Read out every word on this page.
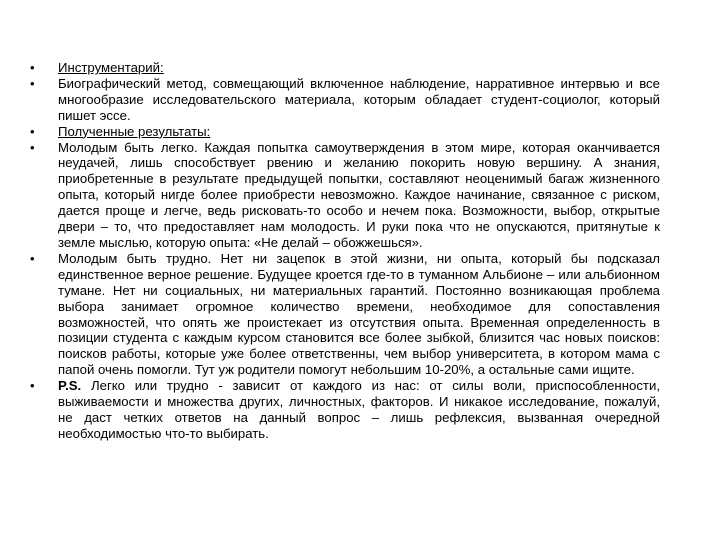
•	Инструментарий:
•	Биографический метод, совмещающий включенное наблюдение, нарративное интервью и все многообразие исследовательского материала, которым обладает студент-социолог, который пишет эссе.
•	Полученные результаты:
•	Молодым быть легко. Каждая попытка самоутверждения в этом мире, которая оканчивается неудачей, лишь способствует рвению и желанию покорить новую вершину. А знания, приобретенные в результате предыдущей попытки, составляют неоценимый багаж жизненного опыта, который нигде более приобрести невозможно. Каждое начинание, связанное с риском, дается проще и легче, ведь рисковать-то особо и нечем пока. Возможности, выбор, открытые двери – то, что предоставляет нам молодость. И руки пока что не опускаются, притянутые к земле мыслью, которую опыта: «Не делай – обожжешься».
•	Молодым быть трудно. Нет ни зацепок в этой жизни, ни опыта, который бы подсказал единственное верное решение. Будущее кроется где-то в туманном Альбионе – или альбионном тумане. Нет ни социальных, ни материальных гарантий. Постоянно возникающая проблема выбора занимает огромное количество времени, необходимое для сопоставления возможностей, что опять же проистекает из отсутствия опыта. Временная определенность в позиции студента с каждым курсом становится все более зыбкой, близится час новых поисков: поисков работы, которые уже более ответственны, чем выбор университета, в котором мама с папой очень помогли. Тут уж родители помогут небольшим 10-20%, а остальные сами ищите.
•	P.S. Легко или трудно - зависит от каждого из нас: от силы воли, приспособленности, выживаемости и множества других, личностных, факторов. И никакое исследование, пожалуй, не даст четких ответов на данный вопрос – лишь рефлексия, вызванная очередной необходимостью что-то выбирать.
